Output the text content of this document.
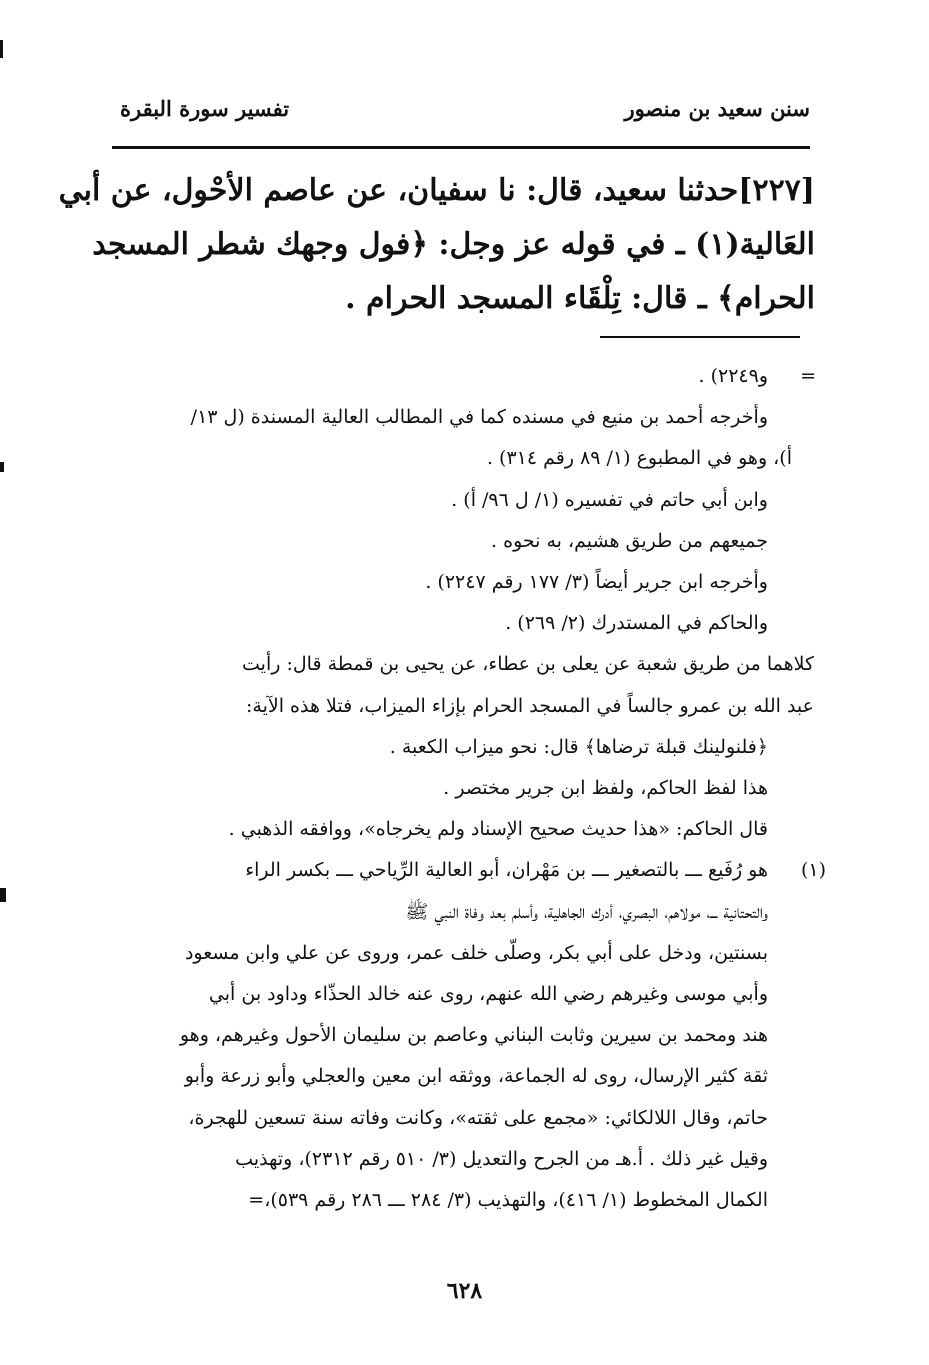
سنن سعيد بن منصور
تفسير سورة البقرة
[٢٢٧]حدثنا سعيد، قال: نا سفيان، عن عاصم الأحْول، عن أبي
العَالية(١) ـ في قوله عز وجل: ﴿فول وجهك شطر المسجد
الحرام﴾ ـ قال: تِلْقَاء المسجد الحرام .
=
و٢٢٤٩) .
وأخرجه أحمد بن منيع في مسنده كما في المطالب العالية المسندة (ل ١٣/
أ)، وهو في المطبوع (١/ ٨٩ رقم ٣١٤) .
وابن أبي حاتم في تفسيره (١/ ل ٩٦/ أ) .
جميعهم من طريق هشيم، به نحوه .
وأخرجه ابن جرير أيضاً (٣/ ١٧٧ رقم ٢٢٤٧) .
والحاكم في المستدرك (٢/ ٢٦٩) .
كلاهما من طريق شعبة عن يعلى بن عطاء، عن يحيى بن قمطة قال: رأيت
عبد الله بن عمرو جالساً في المسجد الحرام بإزاء الميزاب، فتلا هذه الآية:
﴿فلنولينك قبلة ترضاها﴾ قال: نحو ميزاب الكعبة .
هذا لفظ الحاكم، ولفظ ابن جرير مختصر .
قال الحاكم: «هذا حديث صحيح الإسناد ولم يخرجاه»، ووافقه الذهبي .
(١)
هو رُفَيع ـــ بالتصغير ـــ بن مَهْران، أبو العالية الرِّياحي ـــ بكسر الراء
والتحتانية ـــ، مولاهم، البصري، أدرك الجاهلية، وأسلم بعد وفاة النبي ﷺ
بسنتين، ودخل على أبي بكر، وصلّى خلف عمر، وروى عن علي وابن مسعود
وأبي موسى وغيرهم رضي الله عنهم، روى عنه خالد الحذّاء وداود بن أبي
هند ومحمد بن سيرين وثابت البناني وعاصم بن سليمان الأحول وغيرهم، وهو
ثقة كثير الإرسال، روى له الجماعة، ووثقه ابن معين والعجلي وأبو زرعة وأبو
حاتم، وقال اللالكائي: «مجمع على ثقته»، وكانت وفاته سنة تسعين للهجرة،
وقيل غير ذلك . أ.هـ من الجرح والتعديل (٣/ ٥١٠ رقم ٢٣١٢)، وتهذيب
الكمال المخطوط (١/ ٤١٦)، والتهذيب (٣/ ٢٨٤ ـــ ٢٨٦ رقم ٥٣٩)،=
٦٢٨
